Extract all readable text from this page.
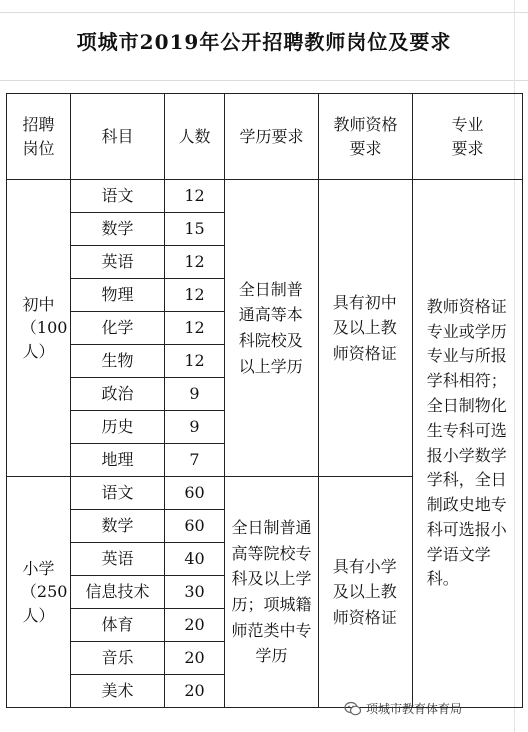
项城市2019年公开招聘教师岗位及要求
招聘岗位	科目	人数	学历要求	教师资格要求	专业要求

初中（100人）	语文	12	全日制普通高等本科院校及以上学历	具有初中及以上教师资格证	教师资格证专业或学历专业与所报学科相符；全日制物化生专科可选报小学数学学科，全日制政史地专科可选报小学语文学科。

	数学	15			
	英语	12			
	物理	12			
	化学	12			
	生物	12			
	政治	9			
	历史	9			
	地理	7			

小学（250人）	语文	60	全日制普通高等院校专科及以上学历；项城籍师范类中专学历	具有小学及以上教师资格证	

	数学	60			
	英语	40			
	信息技术	30			
	体育	20			
	音乐	20			
	美术	20			
项城市教育体育局
